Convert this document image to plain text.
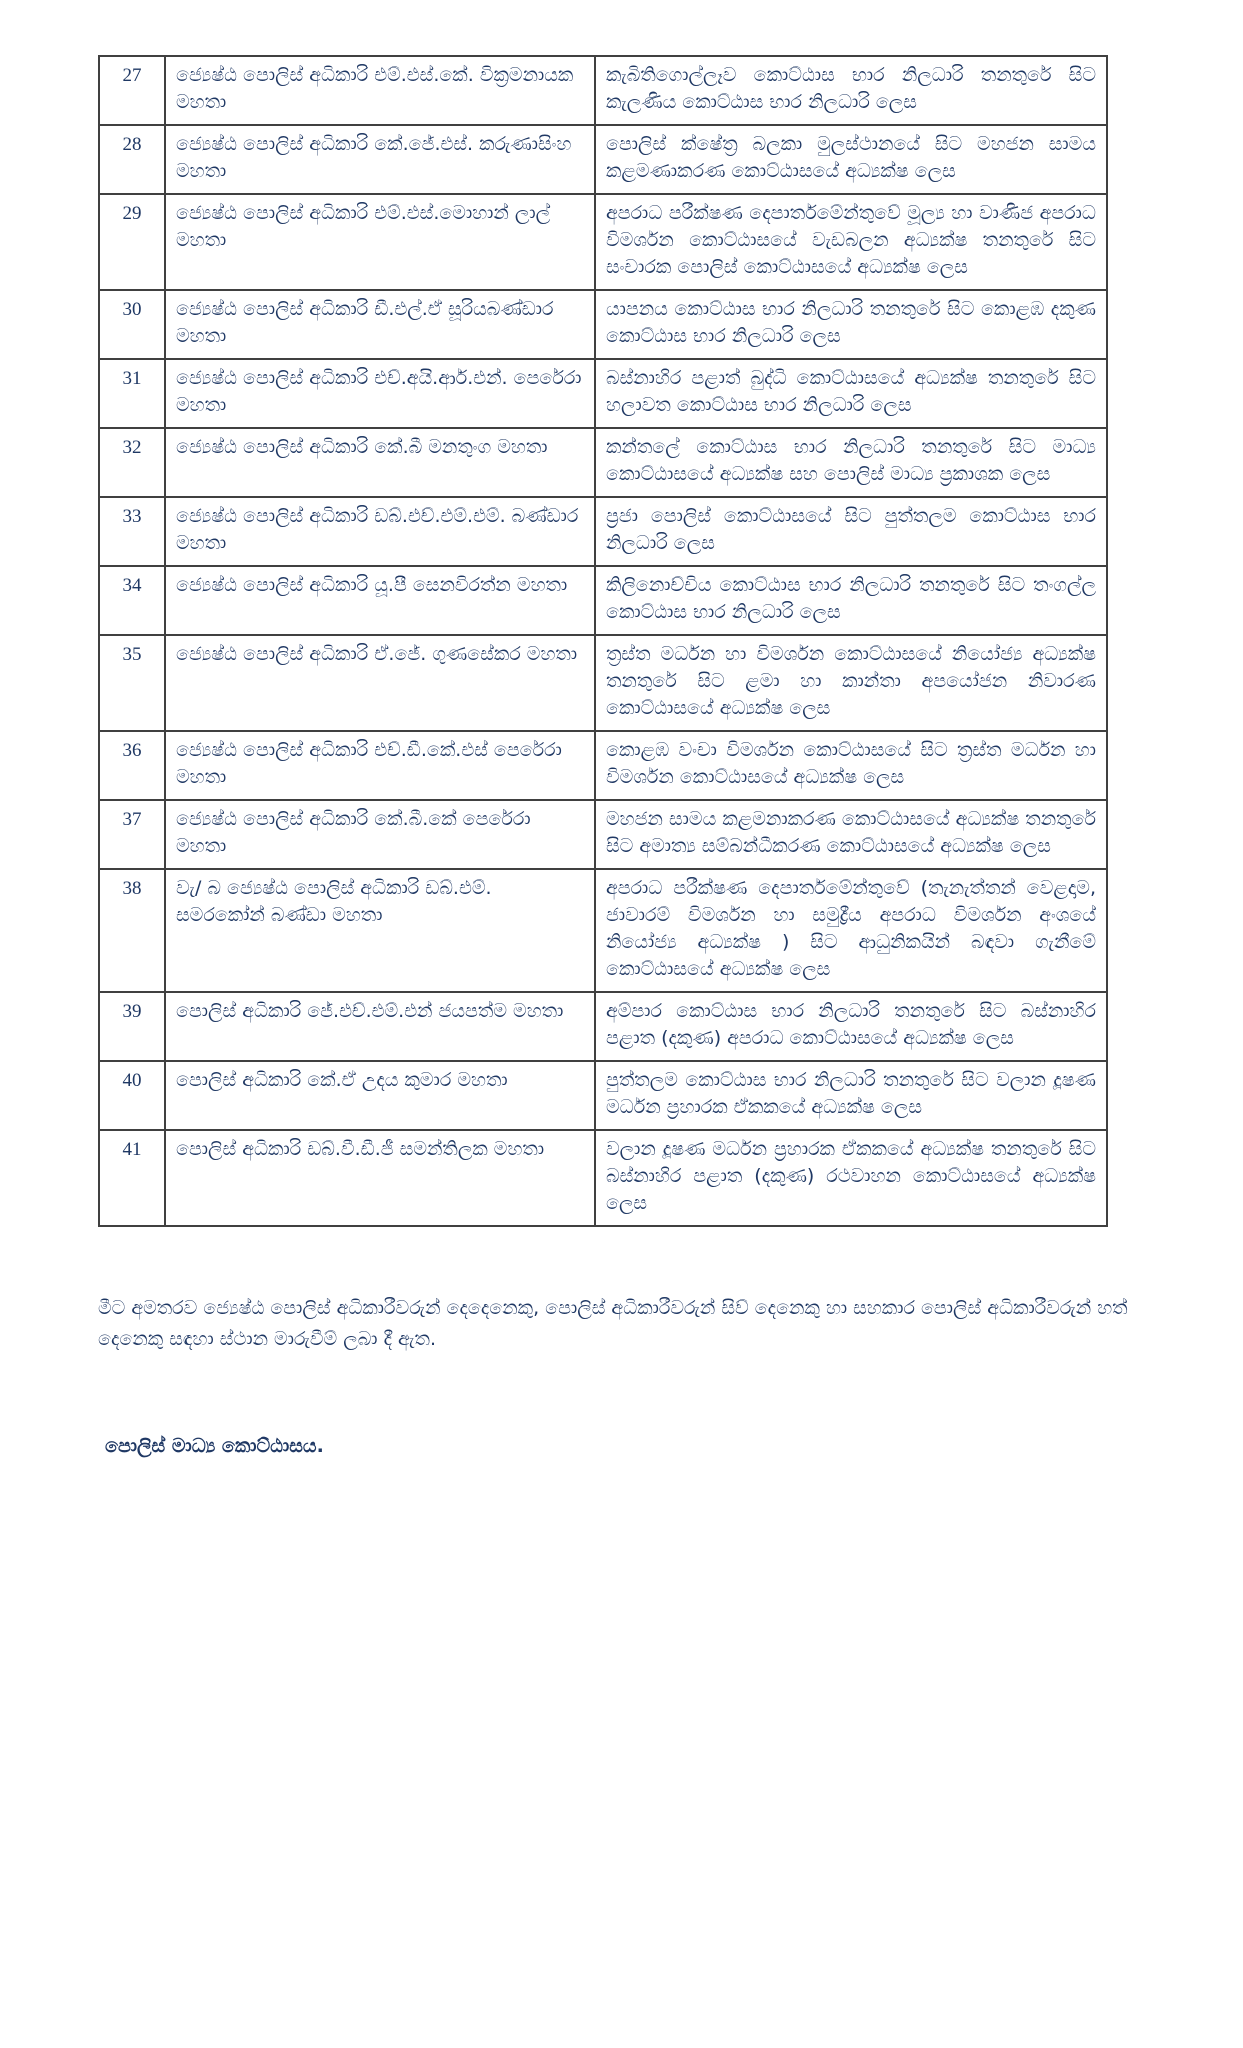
27	ජ්‍යෙෂ්ඨ පොලිස් අධිකාරි එම්.එස්.කේ. වික්‍රමනායක මහතා	කැබිතිගොල්ලෑව කොට්ඨාස භාර නිලධාරි තනතුරේ සිට කැලණිය කොට්ඨාස භාර නිලධාරි ලෙස
28	ජ්‍යෙෂ්ඨ පොලිස් අධිකාරි කේ.ජේ.එස්. කරුණාසිංහ මහතා	පොලිස් ක්ෂේත්‍ර බලකා මුලස්ථානයේ සිට මහජන සාමය කළමණාකරණ කොට්ඨාසයේ අධ්‍යක්ෂ ලෙස
29	ජ්‍යෙෂ්ඨ පොලිස් අධිකාරි එම්.එස්.මොහාන් ලාල් මහතා	අපරාධ පරීක්ෂණ දෙපාර්තමේන්තුවේ මූල්‍ය හා වාණිජ අපරාධ විමර්ශන කොට්ඨාසයේ වැඩබලන අධ්‍යක්ෂ තනතුරේ සිට සංචාරක පොලිස් කොට්ඨාසයේ අධ්‍යක්ෂ ලෙස
30	ජ්‍යෙෂ්ඨ පොලිස් අධිකාරි ඩී.එල්.ඒ සූරියබණ්ඩාර මහතා	යාපනය කොට්ඨාස භාර නිලධාරි තනතුරේ සිට කොළඹ දකුණ කොට්ඨාස භාර නිලධාරි ලෙස
31	ජ්‍යෙෂ්ඨ පොලිස් අධිකාරි එච්.අයි.ආර්.එන්. පෙරේරා මහතා	බස්නාහිර පළාත් බුද්ධි කොට්ඨාසයේ අධ්‍යක්ෂ තනතුරේ සිට හලාවත කොට්ඨාස භාර නිලධාරි ලෙස
32	ජ්‍යෙෂ්ඨ පොලිස් අධිකාරි කේ.බී මනතුංග මහතා	කන්තලේ කොට්ඨාස භාර නිලධාරි තනතුරේ සිට මාධ්‍ය කොට්ඨාසයේ අධ්‍යක්ෂ සහ පොලිස් මාධ්‍ය ප්‍රකාශක ලෙස
33	ජ්‍යෙෂ්ඨ පොලිස් අධිකාරි ඩබ්.එච්.එම්.එම්. බණ්ඩාර මහතා	ප්‍රජා පොලිස් කොට්ඨාසයේ සිට පුත්තලම කොට්ඨාස භාර නිලධාරි ලෙස
34	ජ්‍යෙෂ්ඨ පොලිස් අධිකාරි යූ.පී සෙනවිරත්න මහතා	කිලිනොච්චිය කොට්ඨාස භාර නිලධාරි තනතුරේ සිට තංගල්ල කොට්ඨාස භාර නිලධාරි ලෙස
35	ජ්‍යෙෂ්ඨ පොලිස් අධිකාරි ඒ.ජේ. ගුණසේකර මහතා	ත්‍රස්ත මර්ධන හා විමර්ශන කොට්ඨාසයේ නියෝජ්‍ය අධ්‍යක්ෂ තනතුරේ සිට ළමා හා කාන්තා අපයෝජන නිවාරණ කොට්ඨාසයේ අධ්‍යක්ෂ ලෙස
36	ජ්‍යෙෂ්ඨ පොලිස් අධිකාරි එච්.ඩී.කේ.එස් පෙරේරා මහතා	කොළඹ වංචා විමර්ශන කොට්ඨාසයේ සිට ත්‍රස්ත මර්ධන හා විමර්ශන කොට්ඨාසයේ අධ්‍යක්ෂ ලෙස
37	ජ්‍යෙෂ්ඨ පොලිස් අධිකාරි කේ.බී.කේ පෙරේරා මහතා	මහජන සාමය කළමනාකරණ කොට්ඨාසයේ අධ්‍යක්ෂ තනතුරේ සිට අමාත්‍ය සම්බන්ධීකරණ කොට්ඨාසයේ අධ්‍යක්ෂ ලෙස
38	වැ/ බ ජ්‍යෙෂ්ඨ පොලිස් අධිකාරි ඩබ්.එම්. සමරකෝන් බණ්ඩා මහතා	අපරාධ පරීක්ෂණ දෙපාර්තමේන්තුවේ (තැනැත්තන් වෙළදාම, ජාවාරම් විමර්ශන හා සමුද්‍රීය අපරාධ විමර්ශන අංශයේ නියෝජ්‍ය අධ්‍යක්ෂ ) සිට ආධුනිකයින් බඳවා ගැනීමේ කොට්ඨාසයේ අධ්‍යක්ෂ ලෙස
39	පොලිස් අධිකාරි ජේ.එච්.එම්.එන් ජයපත්ම මහතා	අම්පාර කොට්ඨාස භාර නිලධාරි තනතුරේ සිට බස්නාහිර පළාත (දකුණ) අපරාධ කොට්ඨාසයේ අධ්‍යක්ෂ ලෙස
40	පොලිස් අධිකාරි කේ.ඒ උදය කුමාර මහතා	පුත්තලම කොට්ඨාස භාර නිලධාරි තනතුරේ සිට වලාන දූෂණ මර්ධන ප්‍රහාරක ඒකකයේ අධ්‍යක්ෂ ලෙස
41	පොලිස් අධිකාරි ඩබ්.වී.ඩී.ජී සමන්තිලක මහතා	වලාන දූෂණ මර්ධන ප්‍රහාරක ඒකකයේ අධ්‍යක්ෂ තනතුරේ සිට බස්නාහිර පළාත (දකුණ) රථවාහන කොට්ඨාසයේ අධ්‍යක්ෂ ලෙස
මීට අමතරව ජ්‍යෙෂ්ඨ පොලිස් අධිකාරීවරුන් දෙදෙනෙකු, පොලිස් අධිකාරීවරුන් සිව් දෙනෙකු හා සහකාර පොලිස් අධිකාරීවරුන් හත් දෙනෙකු සඳහා ස්ථාන මාරුවීම් ලබා දී ඇත.
පොලිස් මාධ්‍ය කොට්ඨාසය.
